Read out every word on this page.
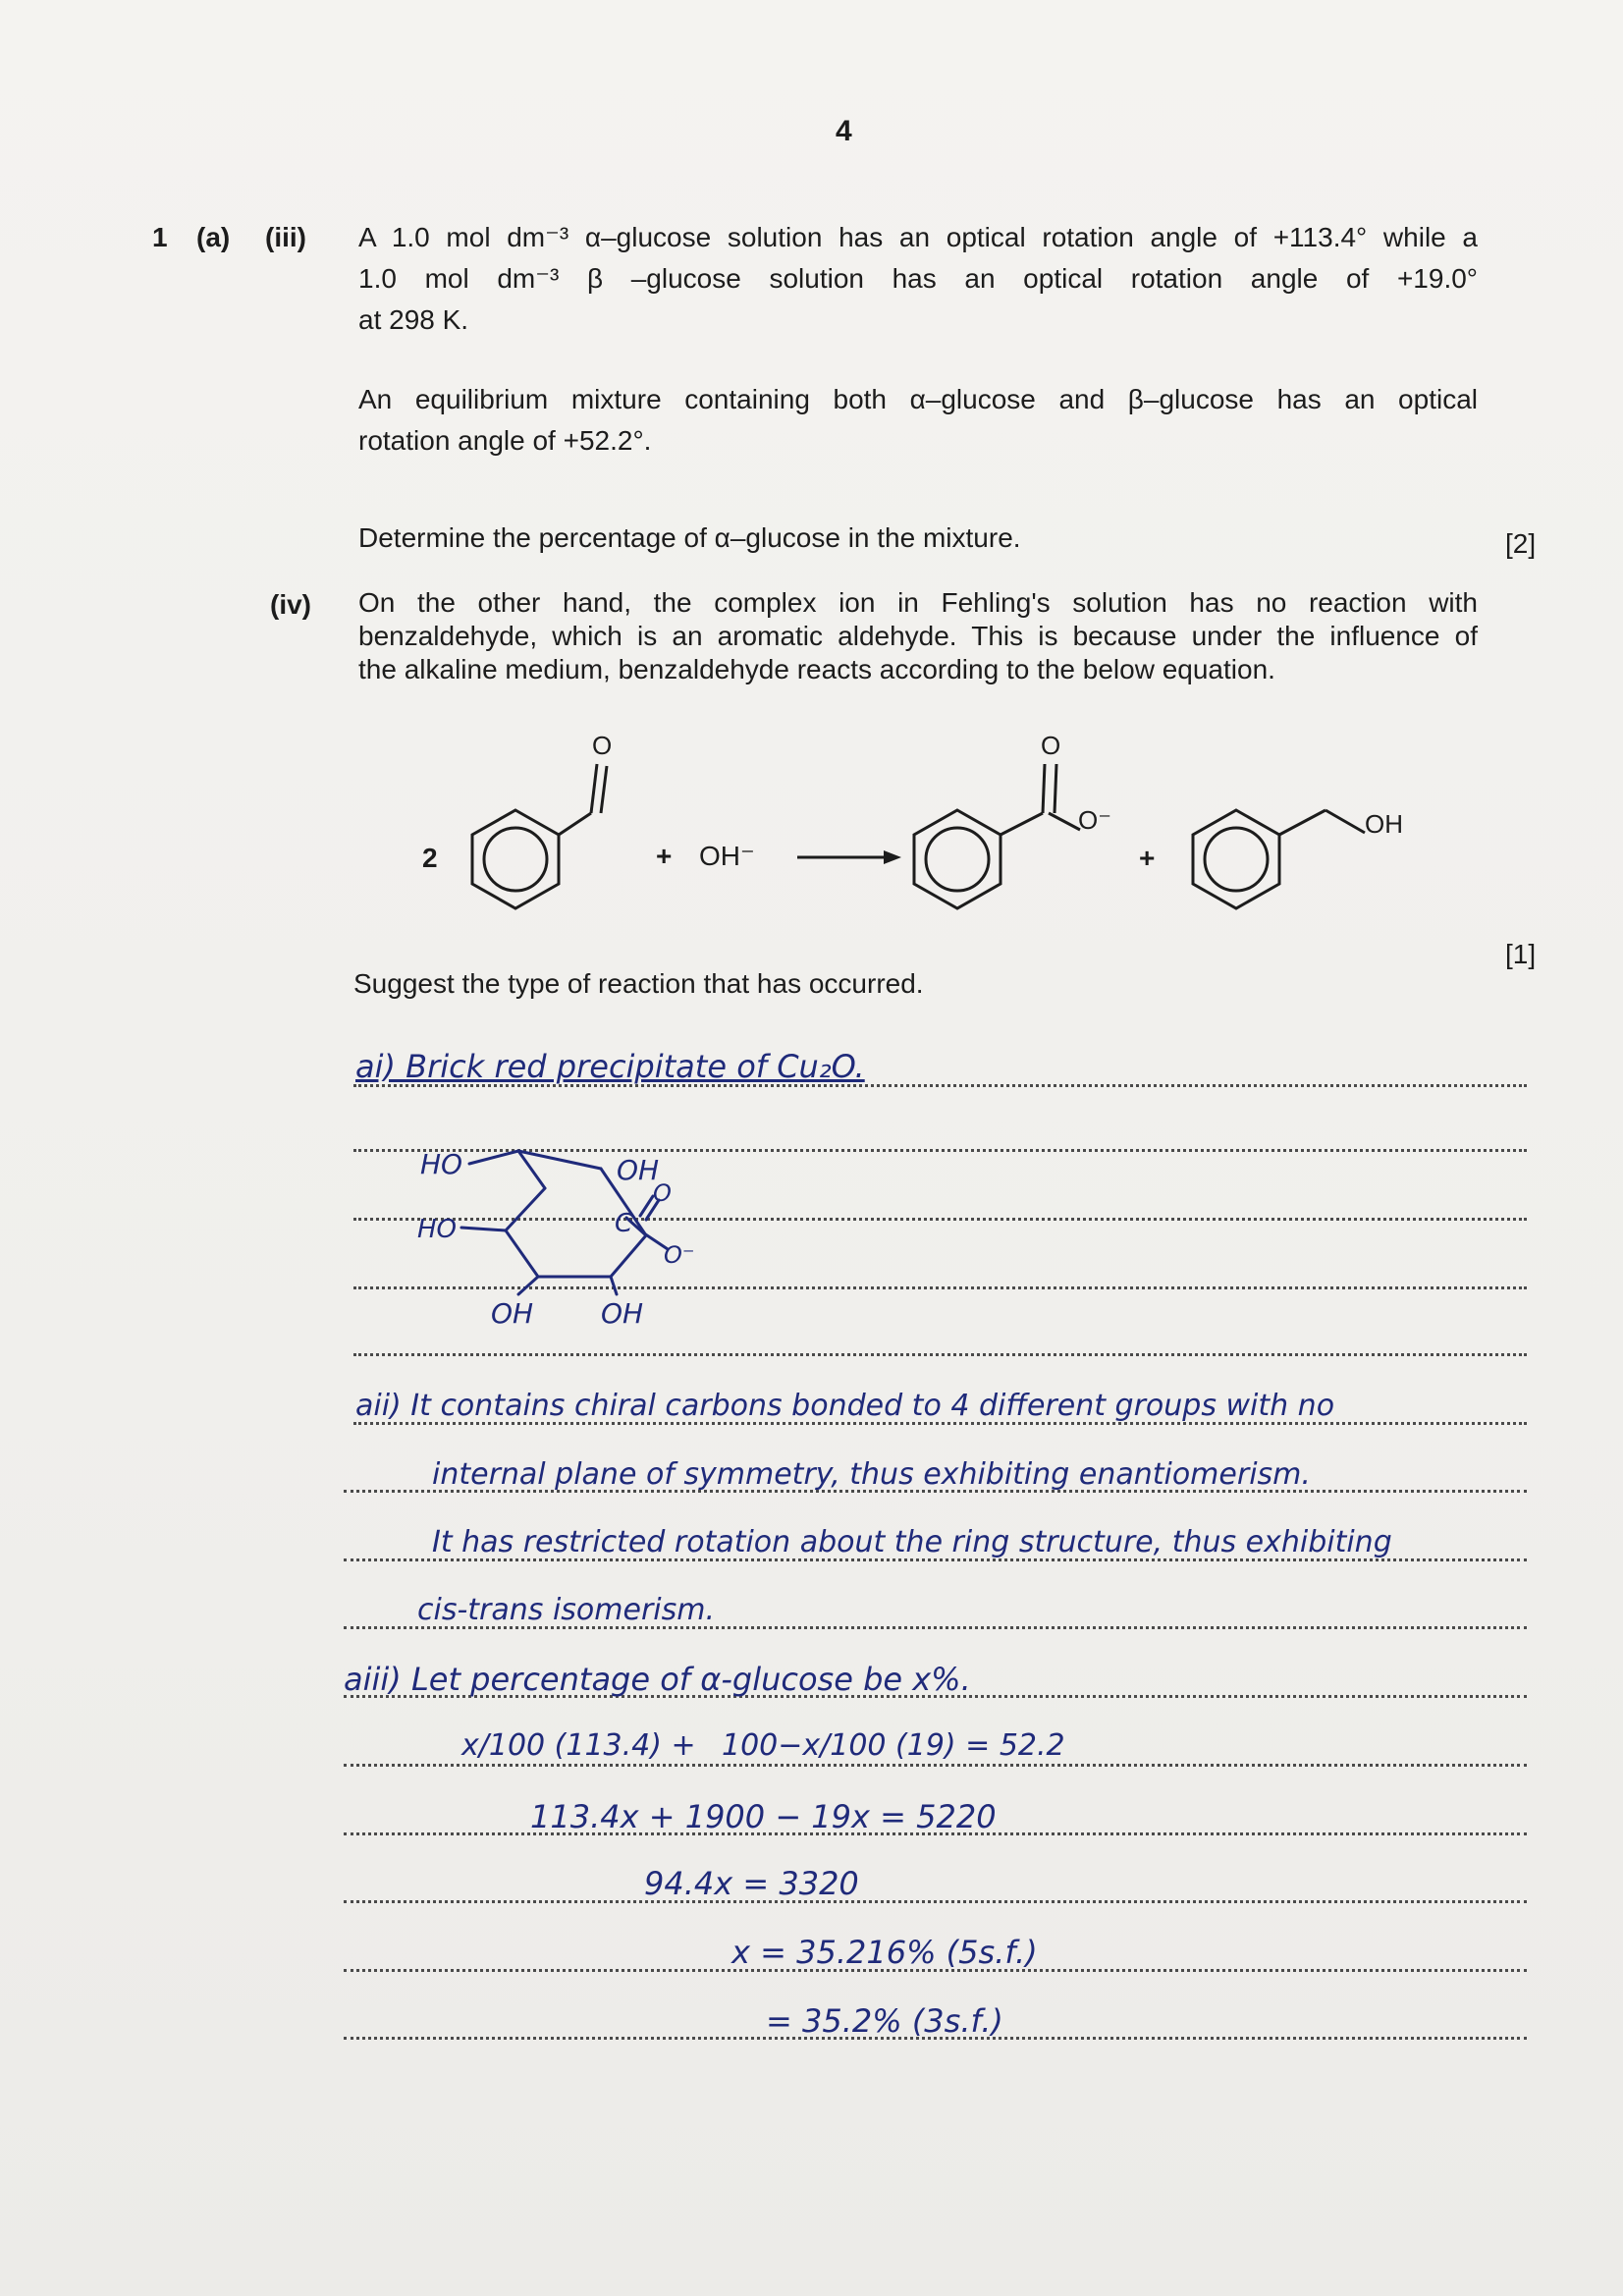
4
1 (a) (iii) A 1.0 mol dm⁻³ α–glucose solution has an optical rotation angle of +113.4° while a
1.0 mol dm⁻³ β –glucose solution has an optical rotation angle of +19.0°
at 298 K.
An equilibrium mixture containing both α–glucose and β–glucose has an optical
rotation angle of +52.2°.
Determine the percentage of α–glucose in the mixture.	[2]
(iv) On the other hand, the complex ion in Fehling's solution has no reaction with
benzaldehyde, which is an aromatic aldehyde. This is because under the influence of
the alkaline medium, benzaldehyde reacts according to the below equation.
O	O
O⁻	OH
2	+ OH⁻	+
[1]
Suggest the type of reaction that has occurred.
ai) Brick red precipitate of Cu₂O.
HO
HO
OH
O
C
O⁻
OH OH
aii) It contains chiral carbons bonded to 4 different groups with no
internal plane of symmetry, thus exhibiting enantiomerism.
It has restricted rotation about the ring structure, thus exhibiting
cis-trans isomerism.
aiii) Let percentage of α-glucose be x%.
x/100 (113.4) + 100−x/100 (19) = 52.2
113.4x + 1900 − 19x = 5220
94.4x = 3320
x = 35.216% (5s.f.)
= 35.2% (3s.f.)
